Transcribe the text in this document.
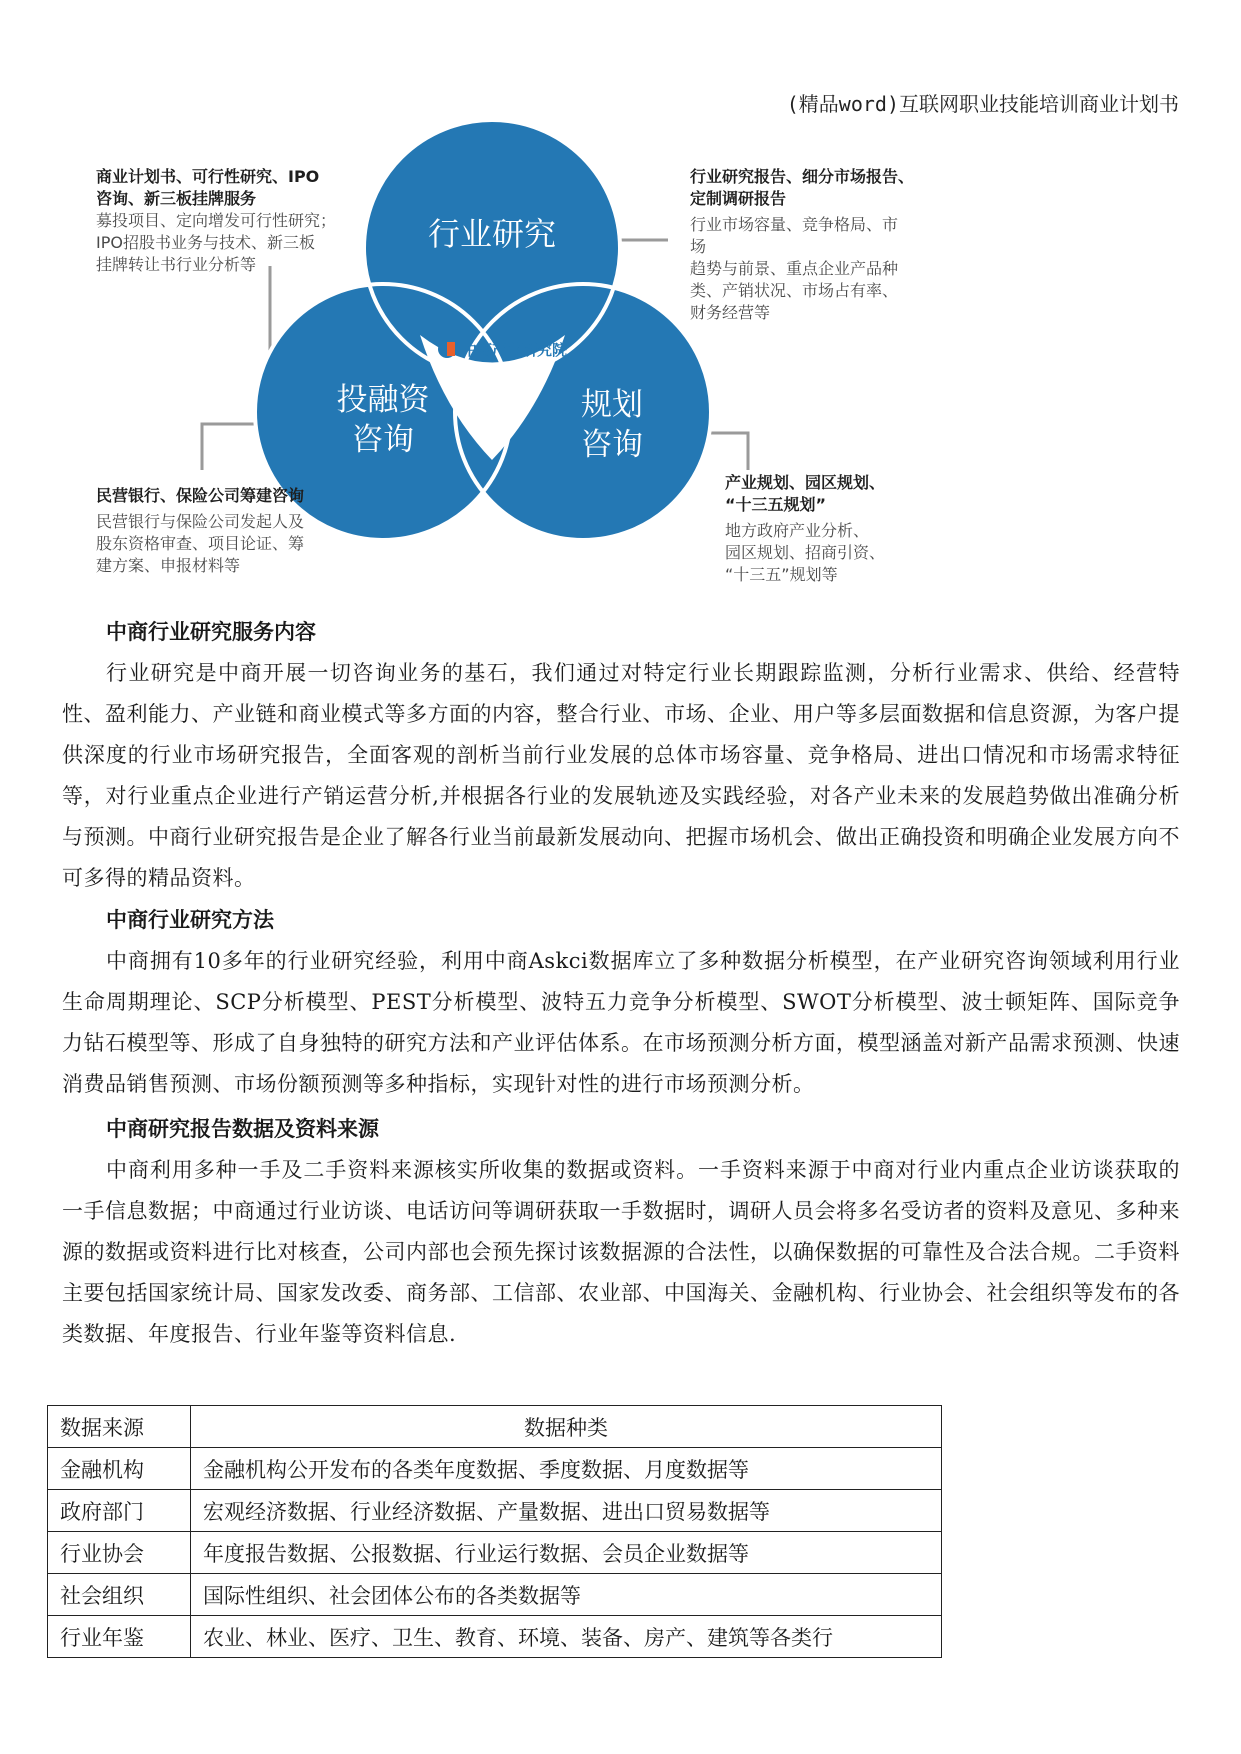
(精品word)互联网职业技能培训商业计划书
中商产业研究院
行业研究
投融资
咨询
规划
咨询
商业计划书、可行性研究、IPO
咨询、新三板挂牌服务
募投项目、定向增发可行性研究；
IPO招股书业务与技术、新三板
挂牌转让书行业分析等
行业研究报告、细分市场报告、
定制调研报告
行业市场容量、竞争格局、市
场
趋势与前景、重点企业产品种
类、产销状况、市场占有率、
财务经营等
民营银行、保险公司筹建咨询
民营银行与保险公司发起人及
股东资格审查、项目论证、筹
建方案、申报材料等
产业规划、园区规划、
“十三五规划”
地方政府产业分析、
园区规划、招商引资、
“十三五”规划等
中商行业研究服务内容

行业研究是中商开展一切咨询业务的基石，我们通过对特定行业长期跟踪监测，分析行业需求、供给、经营特性、盈利能力、产业链和商业模式等多方面的内容，整合行业、市场、企业、用户等多层面数据和信息资源，为客户提供深度的行业市场研究报告，全面客观的剖析当前行业发展的总体市场容量、竞争格局、进出口情况和市场需求特征等，对行业重点企业进行产销运营分析,并根据各行业的发展轨迹及实践经验，对各产业未来的发展趋势做出准确分析与预测。中商行业研究报告是企业了解各行业当前最新发展动向、把握市场机会、做出正确投资和明确企业发展方向不可多得的精品资料。

中商行业研究方法

中商拥有10多年的行业研究经验，利用中商Askci数据库立了多种数据分析模型，在产业研究咨询领域利用行业生命周期理论、SCP分析模型、PEST分析模型、波特五力竞争分析模型、SWOT分析模型、波士顿矩阵、国际竞争力钻石模型等、形成了自身独特的研究方法和产业评估体系。在市场预测分析方面，模型涵盖对新产品需求预测、快速消费品销售预测、市场份额预测等多种指标，实现针对性的进行市场预测分析。

中商研究报告数据及资料来源

中商利用多种一手及二手资料来源核实所收集的数据或资料。一手资料来源于中商对行业内重点企业访谈获取的一手信息数据；中商通过行业访谈、电话访问等调研获取一手数据时，调研人员会将多名受访者的资料及意见、多种来源的数据或资料进行比对核查，公司内部也会预先探讨该数据源的合法性，以确保数据的可靠性及合法合规。二手资料主要包括国家统计局、国家发改委、商务部、工信部、农业部、中国海关、金融机构、行业协会、社会组织等发布的各类数据、年度报告、行业年鉴等资料信息.

数据来源	数据种类
金融机构	金融机构公开发布的各类年度数据、季度数据、月度数据等
政府部门	宏观经济数据、行业经济数据、产量数据、进出口贸易数据等
行业协会	年度报告数据、公报数据、行业运行数据、会员企业数据等
社会组织	国际性组织、社会团体公布的各类数据等
行业年鉴	农业、林业、医疗、卫生、教育、环境、装备、房产、建筑等各类行
